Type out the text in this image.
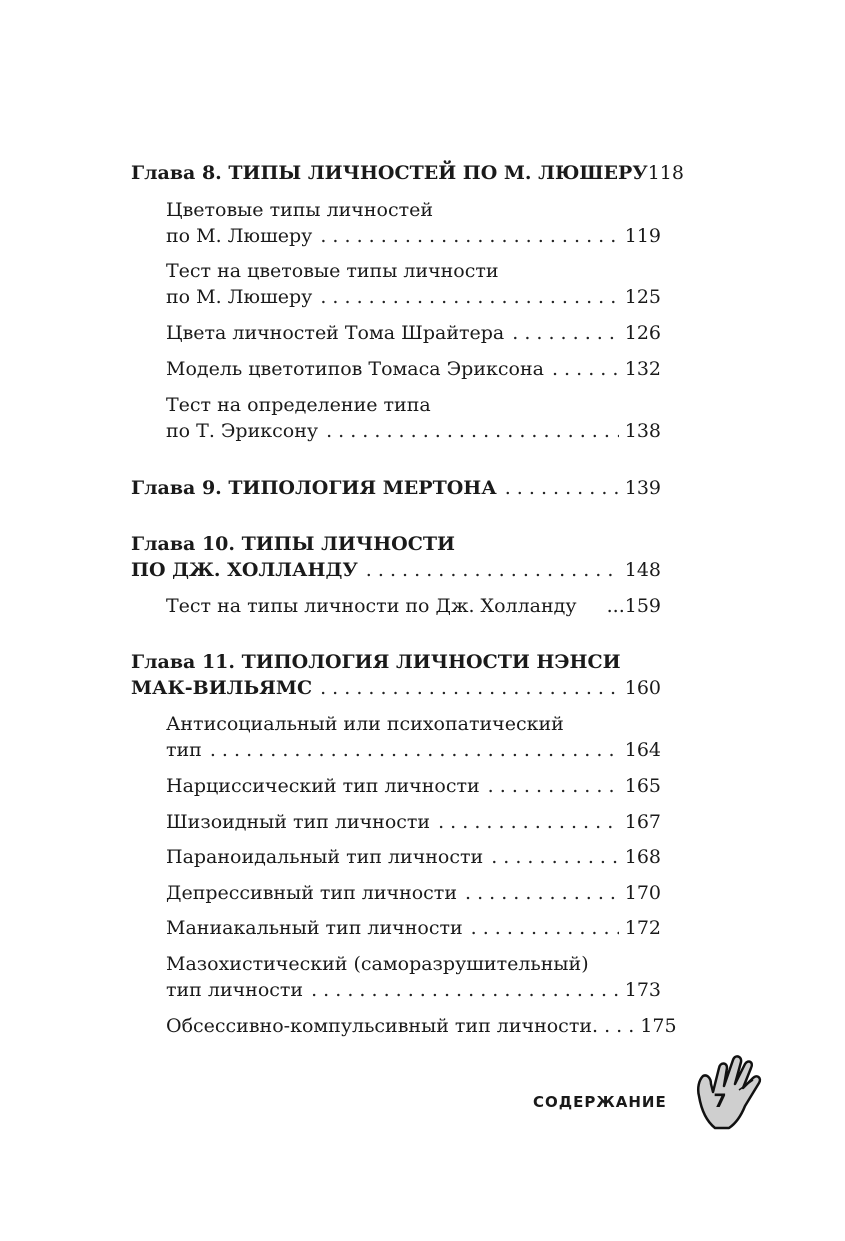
Глава 8. ТИПЫ ЛИЧНОСТЕЙ ПО М. ЛЮШЕРУ 118
Цветовые типы личностей
по М. Люшеру . . .	119
Тест на цветовые типы личности
по М. Люшеру . . .	125
Цвета личностей Тома Шрайтера . . .	126
Модель цветотипов Томаса Эриксона . . .	132
Тест на определение типа
по Т. Эриксону . . .	138
Глава 9. ТИПОЛОГИЯ МЕРТОНА . . .	139
Глава 10. ТИПЫ ЛИЧНОСТИ
ПО ДЖ. ХОЛЛАНДУ . . .	148
Тест на типы личности по Дж. Холланду ...159
Глава 11. ТИПОЛОГИЯ ЛИЧНОСТИ НЭНСИ
МАК-ВИЛЬЯМС . . .	160
Антисоциальный или психопатический
тип . . .	164
Нарциссический тип личности . . .	165
Шизоидный тип личности . . .	167
Параноидальный тип личности . . .	168
Депрессивный тип личности . . .	170
Маниакальный тип личности . . .	172
Мазохистический (саморазрушительный)
тип личности . . .	173
Обсессивно-компульсивный тип личности . . . . 175
СОДЕРЖАНИЕ	7
